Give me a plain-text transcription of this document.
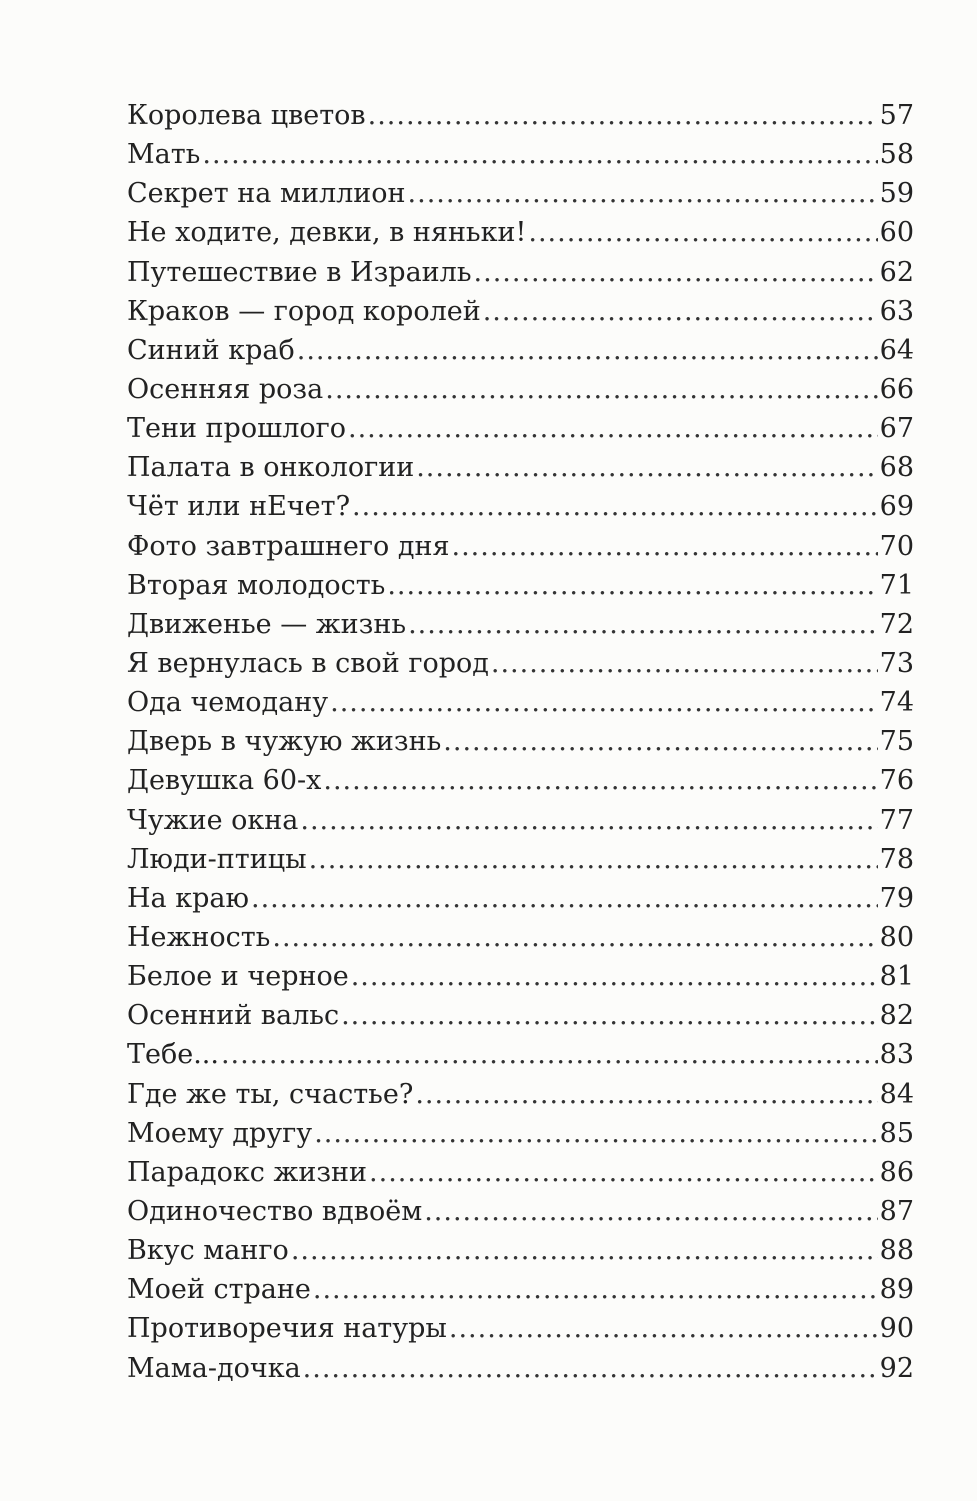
Королева цветов .....	57
Мать .....	58
Секрет на миллион .....	59
Не ходите, девки, в няньки! .....	60
Путешествие в Израиль .....	62
Краков — город королей .....	63
Синий краб .....	64
Осенняя роза .....	66
Тени прошлого .....	67
Палата в онкологии .....	68
Чёт или нЕчет? .....	69
Фото завтрашнего дня .....	70
Вторая молодость .....	71
Движенье — жизнь .....	72
Я вернулась в свой город .....	73
Ода чемодану .....	74
Дверь в чужую жизнь .....	75
Девушка 60-х .....	76
Чужие окна .....	77
Люди-птицы .....	78
На краю .....	79
Нежность .....	80
Белое и черное .....	81
Осенний вальс .....	82
Тебе... .....	83
Где же ты, счастье? .....	84
Моему другу .....	85
Парадокс жизни .....	86
Одиночество вдвоём .....	87
Вкус манго .....	88
Моей стране .....	89
Противоречия натуры .....	90
Мама-дочка .....	92
